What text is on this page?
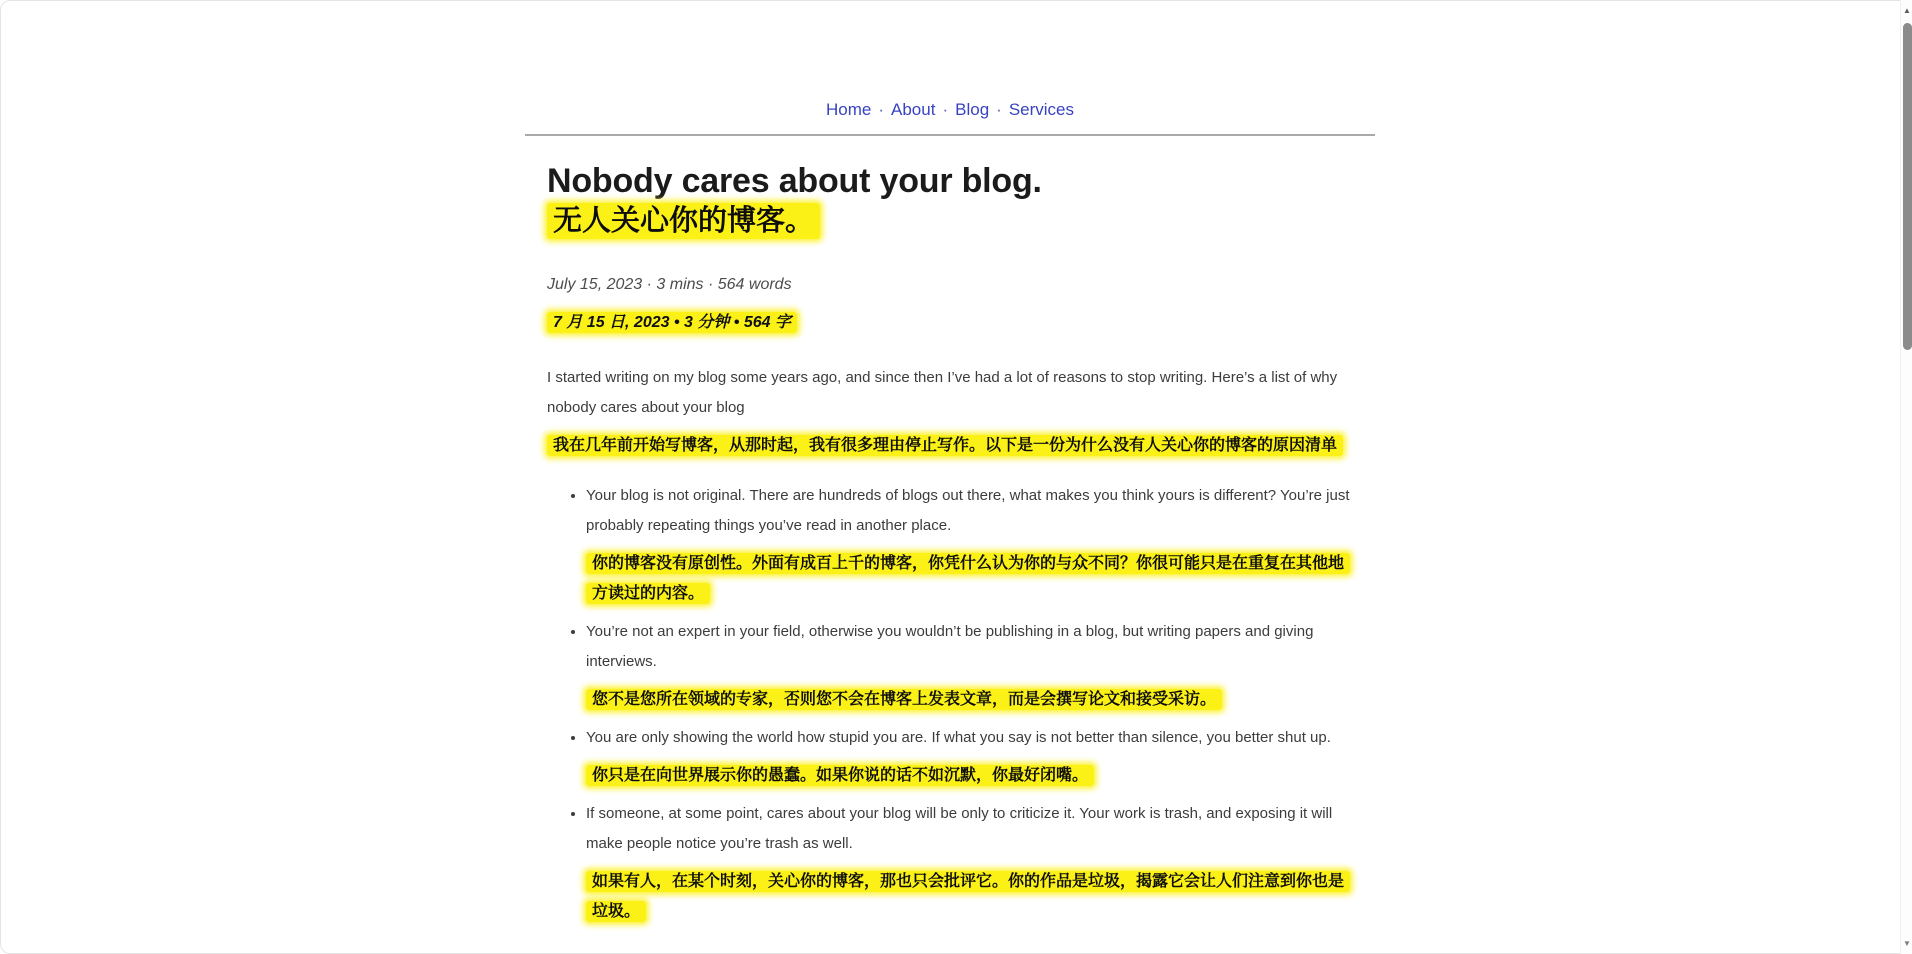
Home · About · Blog · Services
Nobody cares about your blog.
无人关心你的博客。

July 15, 2023 · 3 mins · 564 words

7 月 15 日, 2023 • 3 分钟 • 564 字

I started writing on my blog some years ago, and since then I’ve had a lot of reasons to stop writing. Here’s a list of why nobody cares about your blog

我在几年前开始写博客，从那时起，我有很多理由停止写作。以下是一份为什么没有人关心你的博客的原因清单

• Your blog is not original. There are hundreds of blogs out there, what makes you think yours is different? You’re just probably repeating things you’ve read in another place.

你的博客没有原创性。外面有成百上千的博客，你凭什么认为你的与众不同？你很可能只是在重复在其他地方读过的内容。

• You’re not an expert in your field, otherwise you wouldn’t be publishing in a blog, but writing papers and giving interviews.

您不是您所在领域的专家，否则您不会在博客上发表文章，而是会撰写论文和接受采访。

• You are only showing the world how stupid you are. If what you say is not better than silence, you better shut up.

你只是在向世界展示你的愚蠢。如果你说的话不如沉默，你最好闭嘴。

• If someone, at some point, cares about your blog will be only to criticize it. Your work is trash, and exposing it will make people notice you’re trash as well.

如果有人，在某个时刻，关心你的博客，那也只会批评它。你的作品是垃圾，揭露它会让人们注意到你也是垃圾。
▲
▼
